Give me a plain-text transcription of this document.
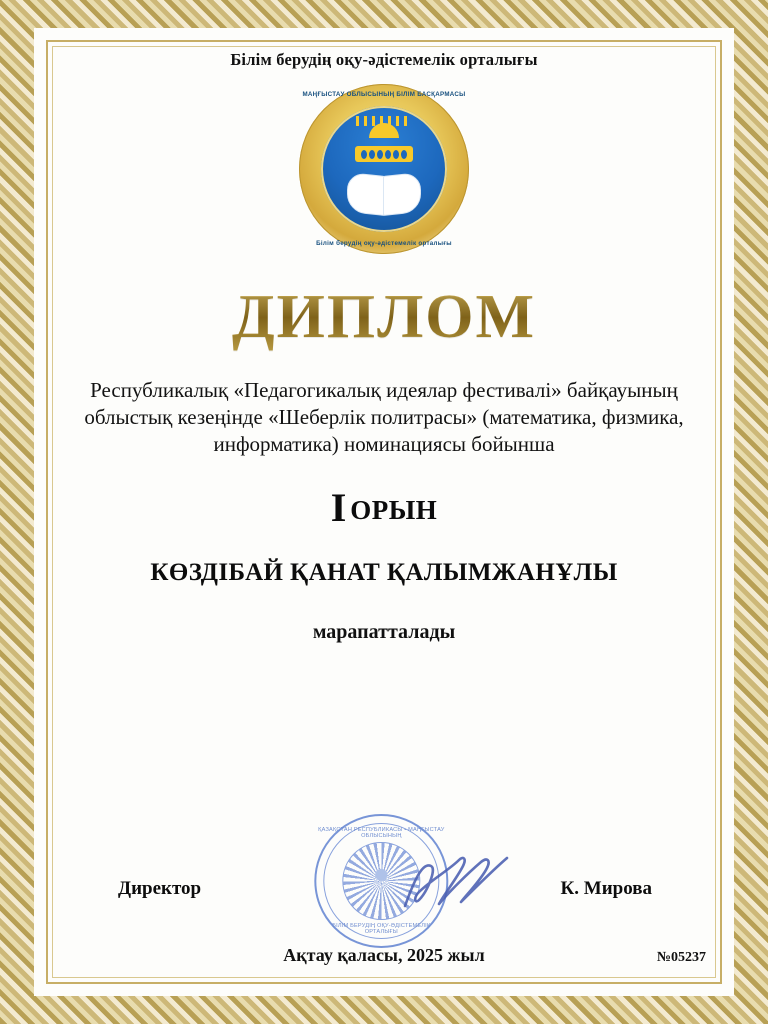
Білім берудің оқу-әдістемелік орталығы
МАҢҒЫСТАУ ОБЛЫСЫНЫҢ БІЛІМ БАСҚАРМАСЫ
Білім берудің оқу-әдістемелік орталығы
ДИПЛОМ
Республикалық «Педагогикалық идеялар фестивалі» байқауының облыстық кезеңінде «Шеберлік политрасы» (математика, физмика, информатика) номинациясы бойынша
I ОРЫН
КӨЗДІБАЙ ҚАНАТ ҚАЛЫМЖАНҰЛЫ
марапатталады
Директор	К. Мирова
ҚАЗАҚСТАН РЕСПУБЛИКАСЫ • МАҢҒЫСТАУ ОБЛЫСЫНЫҢ
БІЛІМ БЕРУДІҢ ОҚУ-ӘДІСТЕМЕЛІК ОРТАЛЫҒЫ
Ақтау қаласы, 2025 жыл	№05237
